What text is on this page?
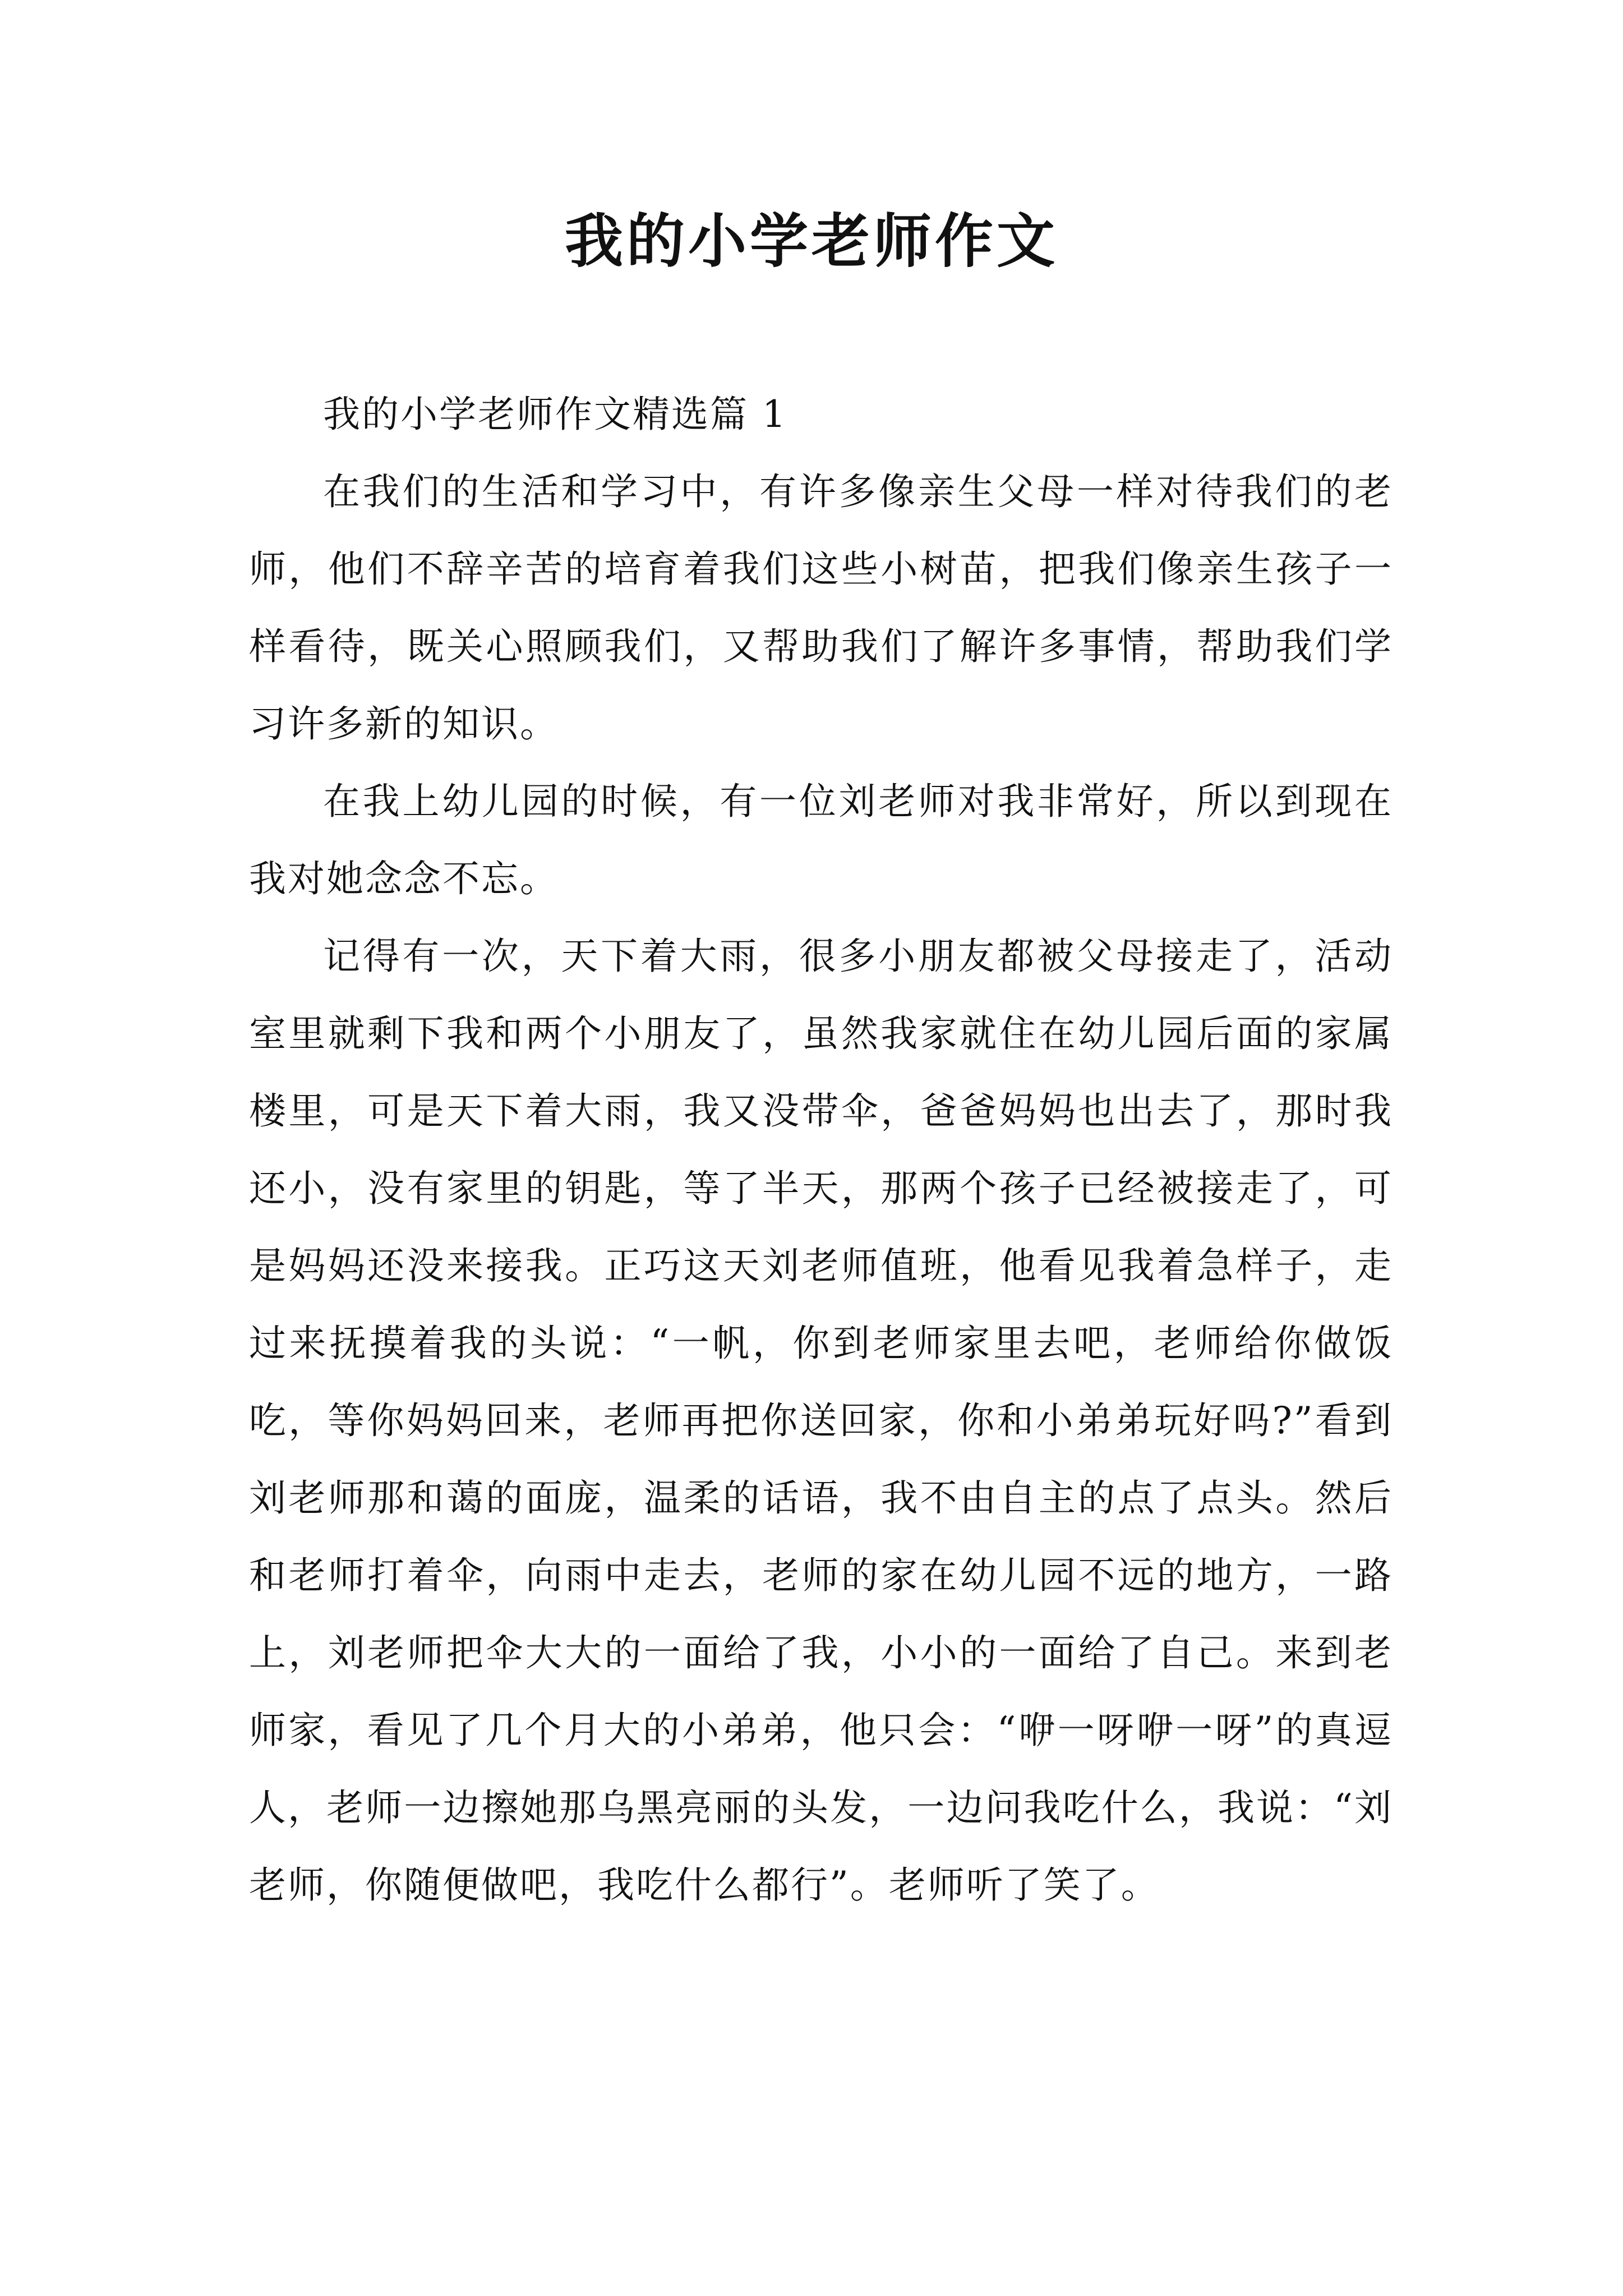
我的小学老师作文

我的小学老师作文精选篇 1

在我们的生活和学习中，有许多像亲生父母一样对待我们的老师，他们不辞辛苦的培育着我们这些小树苗，把我们像亲生孩子一样看待，既关心照顾我们，又帮助我们了解许多事情，帮助我们学习许多新的知识。

在我上幼儿园的时候，有一位刘老师对我非常好，所以到现在我对她念念不忘。

记得有一次，天下着大雨，很多小朋友都被父母接走了，活动室里就剩下我和两个小朋友了，虽然我家就住在幼儿园后面的家属楼里，可是天下着大雨，我又没带伞，爸爸妈妈也出去了，那时我还小，没有家里的钥匙，等了半天，那两个孩子已经被接走了，可是妈妈还没来接我。正巧这天刘老师值班，他看见我着急样子，走过来抚摸着我的头说：“一帆，你到老师家里去吧，老师给你做饭吃，等你妈妈回来，老师再把你送回家，你和小弟弟玩好吗?”看到刘老师那和蔼的面庞，温柔的话语，我不由自主的点了点头。然后和老师打着伞，向雨中走去，老师的家在幼儿园不远的地方，一路上，刘老师把伞大大的一面给了我，小小的一面给了自己。来到老师家，看见了几个月大的小弟弟，他只会：“咿一呀咿一呀”的真逗人，老师一边擦她那乌黑亮丽的头发，一边问我吃什么，我说：“刘老师，你随便做吧，我吃什么都行”。老师听了笑了。
